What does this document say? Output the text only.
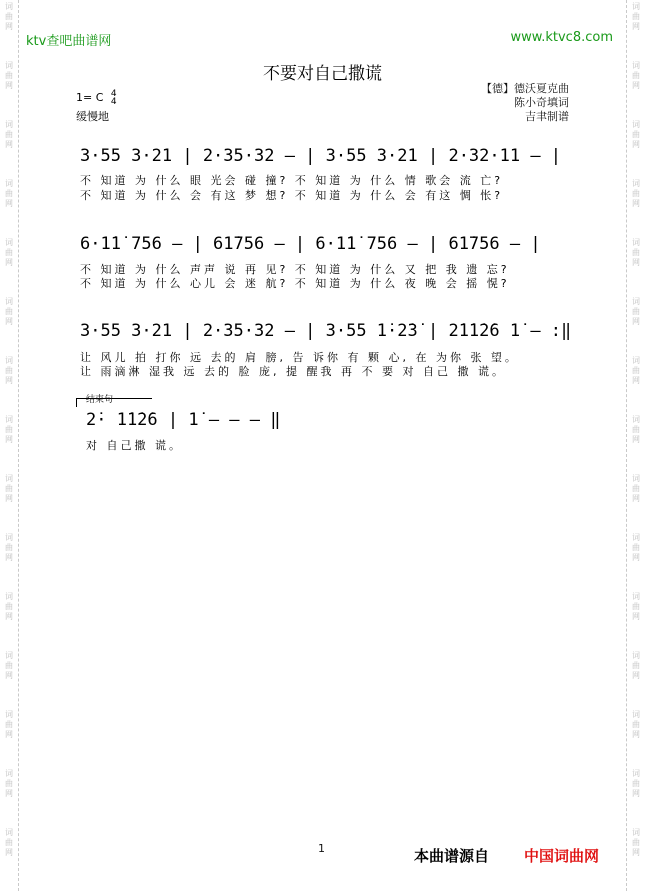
词
曲
网
词
曲
网
词
曲
网
词
曲
网
词
曲
网
词
曲
网
词
曲
网
词
曲
网
词
曲
网
词
曲
网
词
曲
网
词
曲
网
词
曲
网
词
曲
网
词
曲
网
词
曲
网
词
曲
网
词
曲
网
词
曲
网
词
曲
网
词
曲
网
词
曲
网
词
曲
网
词
曲
网
词
曲
网
词
曲
网
词
曲
网
词
曲
网
词
曲
网
词
曲
网
ktv查吧曲谱网	www.ktvc8.com
不要对自己撒谎
1= C 4
4
缓慢地
【德】德沃夏克曲
陈小奇填词
吉聿制谱
3·55 3·21 | 2·35·32 — | 3·55 3·21 | 2·32·11 — |
不 知道 为 什么 眼 光会 碰 撞? 不 知道 为 什么 情 歌会 流 亡?
不 知道 为 什么 会 有这 梦 想? 不 知道 为 什么 会 有这 惆 怅?
6·1̇1̇ 756 — | 61̇756 — | 6·1̇1̇ 756 — | 61̇756 — |
不 知道 为 什么 声声 说 再 见? 不 知道 为 什么 又 把 我 遗 忘?
不 知道 为 什么 心儿 会 迷 航? 不 知道 为 什么 夜 晚 会 摇 愰?
3·55 3·21 | 2·35·32 — | 3·55 1̇·2̇3̇ | 2̇1̇1̇2̇6 1̇ — :‖
让 风儿 拍 打你 远 去的 肩 膀, 告 诉你 有 颗 心, 在 为你 张 望。
让 雨滴淋 湿我 远 去的 脸 庞, 提 醒我 再 不 要 对 自己 撒 谎。
结束句
2̇· 1̇1̇2̇6 | 1̇ — — — ‖
对 自己撒 谎。
1	本曲谱源自 中国词曲网
